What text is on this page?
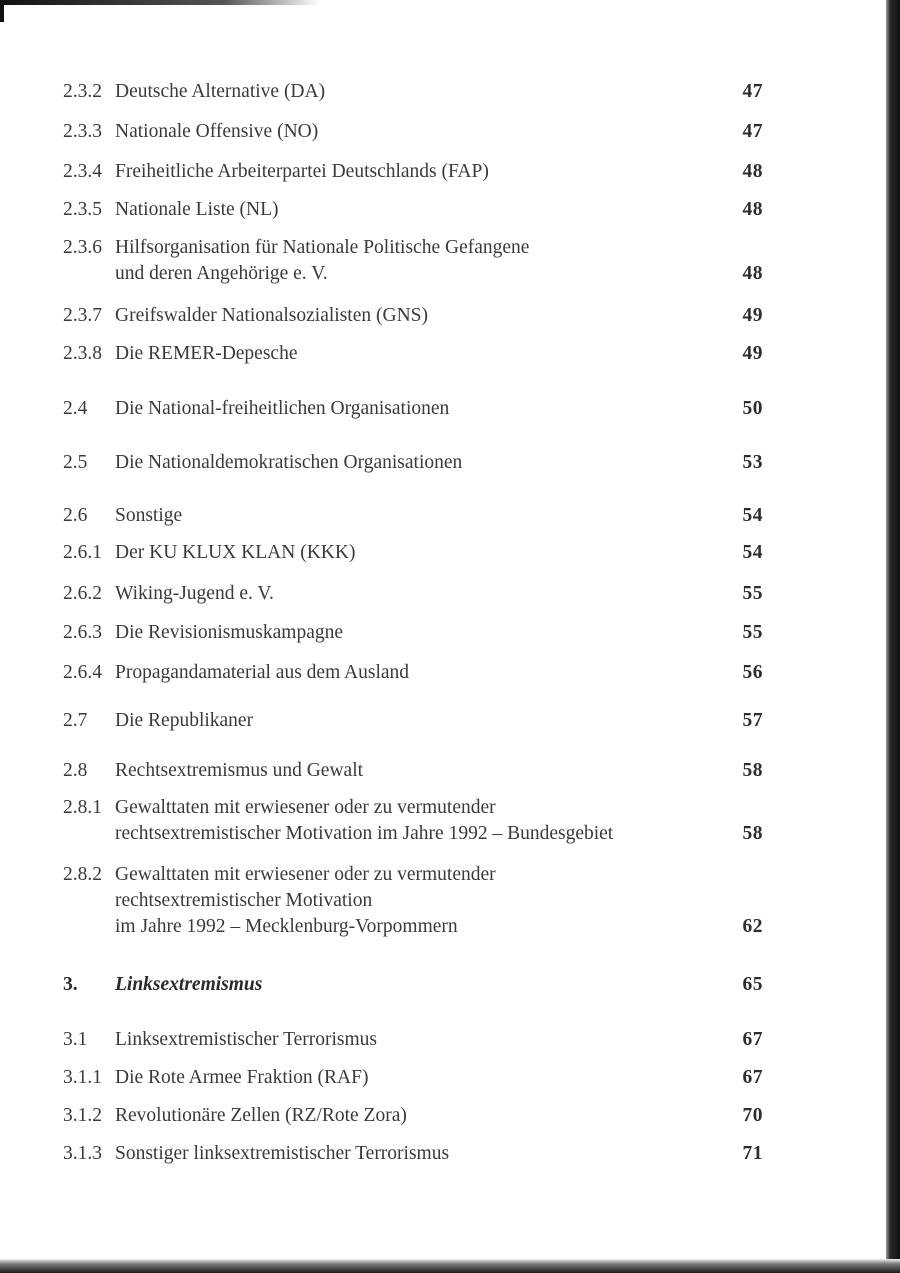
2.3.2 Deutsche Alternative (DA)	47
2.3.3 Nationale Offensive (NO)	47
2.3.4 Freiheitliche Arbeiterpartei Deutschlands (FAP)	48
2.3.5 Nationale Liste (NL)	48
2.3.6 Hilfsorganisation für Nationale Politische Gefangene
und deren Angehörige e. V.	48
2.3.7 Greifswalder Nationalsozialisten (GNS)	49
2.3.8 Die REMER-Depesche	49
2.4 Die National-freiheitlichen Organisationen	50
2.5 Die Nationaldemokratischen Organisationen	53
2.6 Sonstige	54
2.6.1 Der KU KLUX KLAN (KKK)	54
2.6.2 Wiking-Jugend e. V.	55
2.6.3 Die Revisionismuskampagne	55
2.6.4 Propagandamaterial aus dem Ausland	56
2.7 Die Republikaner	57
2.8 Rechtsextremismus und Gewalt	58
2.8.1 Gewalttaten mit erwiesener oder zu vermutender
rechtsextremistischer Motivation im Jahre 1992 – Bundesgebiet	58
2.8.2 Gewalttaten mit erwiesener oder zu vermutender
rechtsextremistischer Motivation
im Jahre 1992 – Mecklenburg-Vorpommern	62
3. Linksextremismus	65
3.1 Linksextremistischer Terrorismus	67
3.1.1 Die Rote Armee Fraktion (RAF)	67
3.1.2 Revolutionäre Zellen (RZ/Rote Zora)	70
3.1.3 Sonstiger linksextremistischer Terrorismus	71
